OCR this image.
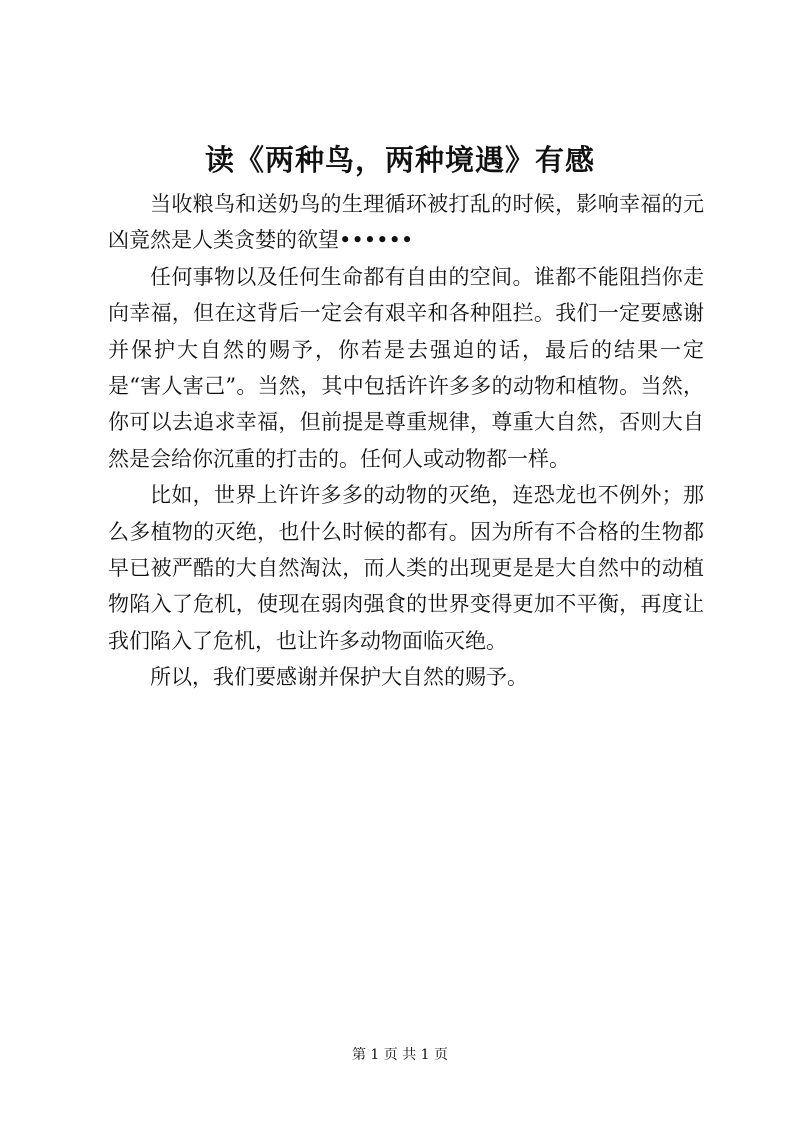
读《两种鸟，两种境遇》有感

当收粮鸟和送奶鸟的生理循环被打乱的时候，影响幸福的元凶竟然是人类贪婪的欲望••••••

任何事物以及任何生命都有自由的空间。谁都不能阻挡你走向幸福，但在这背后一定会有艰辛和各种阻拦。我们一定要感谢并保护大自然的赐予，你若是去强迫的话，最后的结果一定是“害人害己”。当然，其中包括许许多多的动物和植物。当然，你可以去追求幸福，但前提是尊重规律，尊重大自然，否则大自然是会给你沉重的打击的。任何人或动物都一样。

比如，世界上许许多多的动物的灭绝，连恐龙也不例外；那么多植物的灭绝，也什么时候的都有。因为所有不合格的生物都早已被严酷的大自然淘汰，而人类的出现更是是大自然中的动植物陷入了危机，使现在弱肉强食的世界变得更加不平衡，再度让我们陷入了危机，也让许多动物面临灭绝。

所以，我们要感谢并保护大自然的赐予。

第 1 页 共 1 页
